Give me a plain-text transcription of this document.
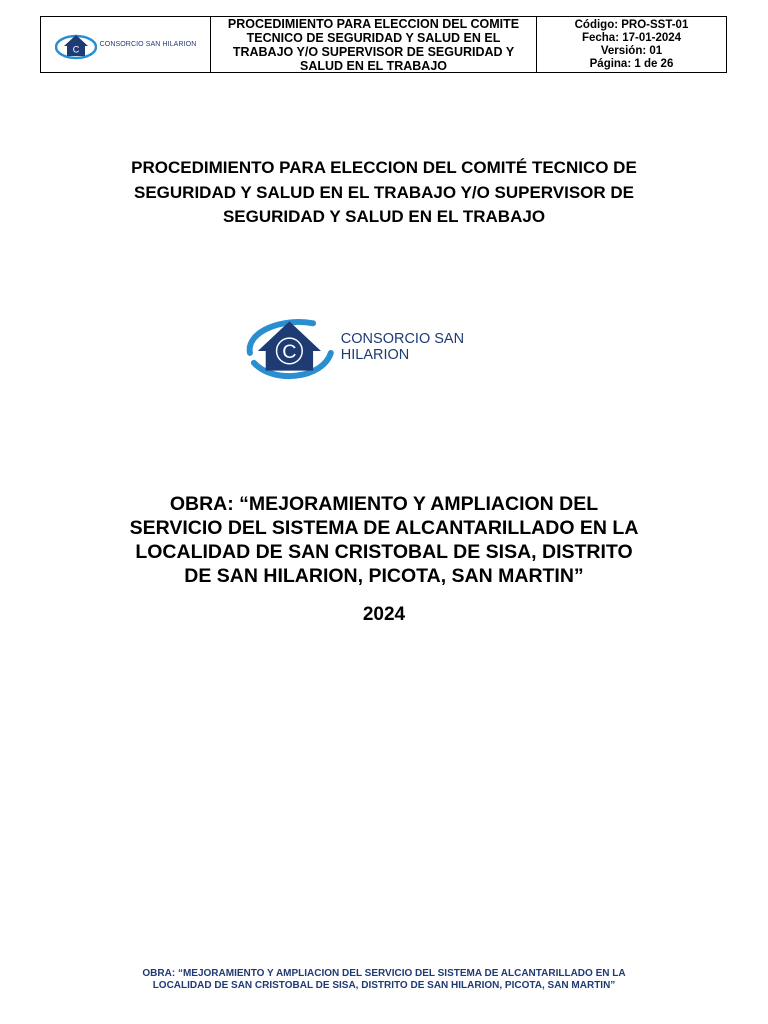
C	CONSORCIO SAN HILARION
PROCEDIMIENTO PARA ELECCION DEL COMITE
TECNICO DE SEGURIDAD Y SALUD EN EL
TRABAJO Y/O SUPERVISOR DE SEGURIDAD Y
SALUD EN EL TRABAJO
Código: PRO-SST-01
Fecha: 17-01-2024
Versión: 01
Página: 1 de 26
PROCEDIMIENTO PARA ELECCION DEL COMITÉ TECNICO DE
SEGURIDAD Y SALUD EN EL TRABAJO Y/O SUPERVISOR DE
SEGURIDAD Y SALUD EN EL TRABAJO
C
CONSORCIO SAN HILARION
OBRA: “MEJORAMIENTO Y AMPLIACION DEL
SERVICIO DEL SISTEMA DE ALCANTARILLADO EN LA
LOCALIDAD DE SAN CRISTOBAL DE SISA, DISTRITO
DE SAN HILARION, PICOTA, SAN MARTIN”
2024
OBRA: “MEJORAMIENTO Y AMPLIACION DEL SERVICIO DEL SISTEMA DE ALCANTARILLADO EN LA
LOCALIDAD DE SAN CRISTOBAL DE SISA, DISTRITO DE SAN HILARION, PICOTA, SAN MARTIN”
